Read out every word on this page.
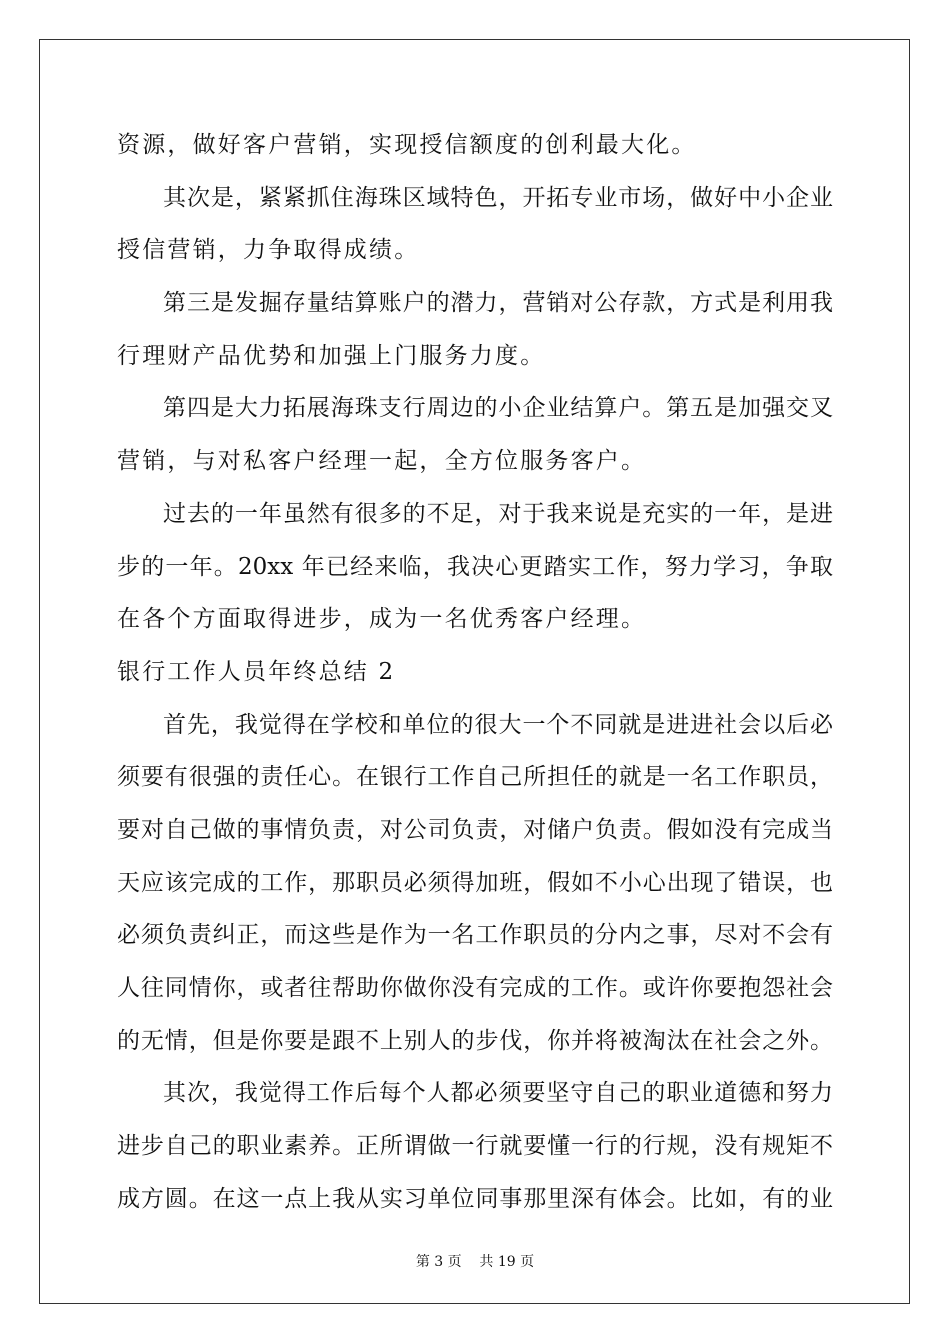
资源，做好客户营销，实现授信额度的创利最大化。
其次是，紧紧抓住海珠区域特色，开拓专业市场，做好中小企业
授信营销，力争取得成绩。
第三是发掘存量结算账户的潜力，营销对公存款，方式是利用我
行理财产品优势和加强上门服务力度。
第四是大力拓展海珠支行周边的小企业结算户。第五是加强交叉
营销，与对私客户经理一起，全方位服务客户。
过去的一年虽然有很多的不足，对于我来说是充实的一年，是进
步的一年。20xx 年已经来临，我决心更踏实工作，努力学习，争取
在各个方面取得进步，成为一名优秀客户经理。
银行工作人员年终总结 2
首先，我觉得在学校和单位的很大一个不同就是进进社会以后必
须要有很强的责任心。在银行工作自己所担任的就是一名工作职员，
要对自己做的事情负责，对公司负责，对储户负责。假如没有完成当
天应该完成的工作，那职员必须得加班，假如不小心出现了错误，也
必须负责纠正，而这些是作为一名工作职员的分内之事，尽对不会有
人往同情你，或者往帮助你做你没有完成的工作。或许你要抱怨社会
的无情，但是你要是跟不上别人的步伐，你并将被淘汰在社会之外。
其次，我觉得工作后每个人都必须要坚守自己的职业道德和努力
进步自己的职业素养。正所谓做一行就要懂一行的行规，没有规矩不
成方圆。在这一点上我从实习单位同事那里深有体会。比如，有的业
第 3 页    共 19 页
